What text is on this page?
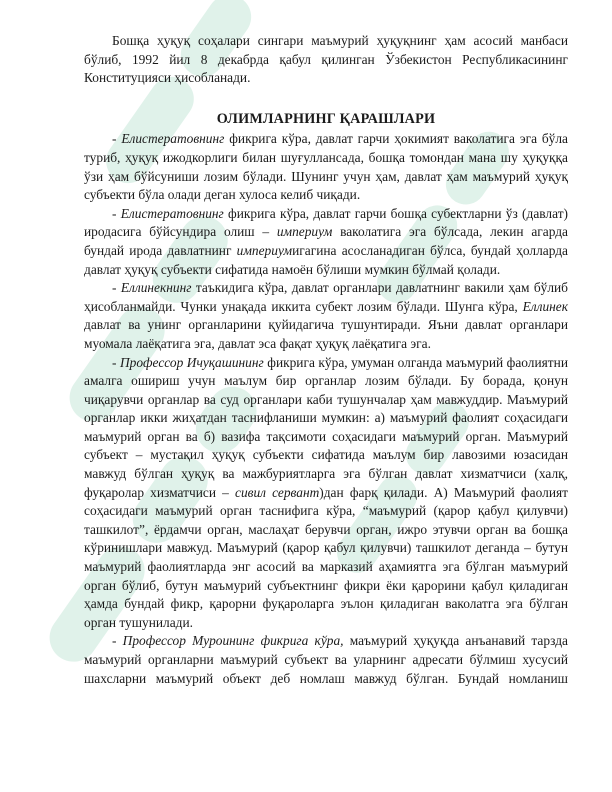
Бошқа ҳуқуқ соҳалари сингари маъмурий ҳуқуқнинг ҳам асосий манбаси бўлиб, 1992 йил 8 декабрда қабул қилинган Ўзбекистон Республикасининг Конституцияси ҳисобланади.

ОЛИМЛАРНИНГ ҚАРАШЛАРИ

- Елистератовнинг фикрига кўра, давлат гарчи ҳокимият ваколатига эга бўла туриб, ҳуқуқ ижодкорлиги билан шуғуллансада, бошқа томондан мана шу ҳуқуққа ўзи ҳам бўйсуниши лозим бўлади. Шунинг учун ҳам, давлат ҳам маъмурий ҳуқуқ субъекти бўла олади деган хулоса келиб чиқади.

- Елистератовнинг фикрига кўра, давлат гарчи бошқа субектларни ўз (давлат) иродасига бўйсундира олиш – империум ваколатига эга бўлсада, лекин агарда бундай ирода давлатнинг империумигагина асосланадиган бўлса, бундай ҳолларда давлат ҳуқуқ субъекти сифатида намоён бўлиши мумкин бўлмай қолади.

- Еллинекнинг таъкидига кўра, давлат органлари давлатнинг вакили ҳам бўлиб ҳисобланмайди. Чунки унақада иккита субект лозим бўлади. Шунга кўра, Еллинек давлат ва унинг органларини қуйидагича тушунтиради. Яъни давлат органлари муомала лаёқатига эга, давлат эса фақат ҳуқуқ лаёқатига эга.

- Профессор Ичуқашининг фикрига кўра, умуман олганда маъмурий фаолиятни амалга ошириш учун маълум бир органлар лозим бўлади. Бу борада, қонун чиқарувчи органлар ва суд органлари каби тушунчалар ҳам мавжуддир. Маъмурий органлар икки жиҳатдан таснифланиши мумкин: а) маъмурий фаолият соҳасидаги маъмурий орган ва б) вазифа тақсимоти соҳасидаги маъмурий орган. Маъмурий субъект – мустақил ҳуқуқ субъекти сифатида маълум бир лавозими юзасидан мавжуд бўлган ҳуқуқ ва мажбуриятларга эга бўлган давлат хизматчиси (халқ, фуқаролар хизматчиси – сивил сервант)дан фарқ қилади. А) Маъмурий фаолият соҳасидаги маъмурий орган таснифига кўра, “маъмурий (қарор қабул қилувчи) ташкилот”, ёрдамчи орган, маслаҳат берувчи орган, ижро этувчи орган ва бошқа кўринишлари мавжуд. Маъмурий (қарор қабул қилувчи) ташкилот деганда – бутун маъмурий фаолиятларда энг асосий ва марказий аҳамиятга эга бўлган маъмурий орган бўлиб, бутун маъмурий субъектнинг фикри ёки қарорини қабул қиладиган ҳамда бундай фикр, қарорни фуқароларга эълон қиладиган ваколатга эга бўлган орган тушунилади.

- Профессор Муроининг фикрига кўра, маъмурий ҳуқуқда анъанавий тарзда маъмурий органларни маъмурий субъект ва уларнинг адресати бўлмиш хусусий шахсларни маъмурий объект деб номлаш мавжуд бўлган. Бундай номланиш
